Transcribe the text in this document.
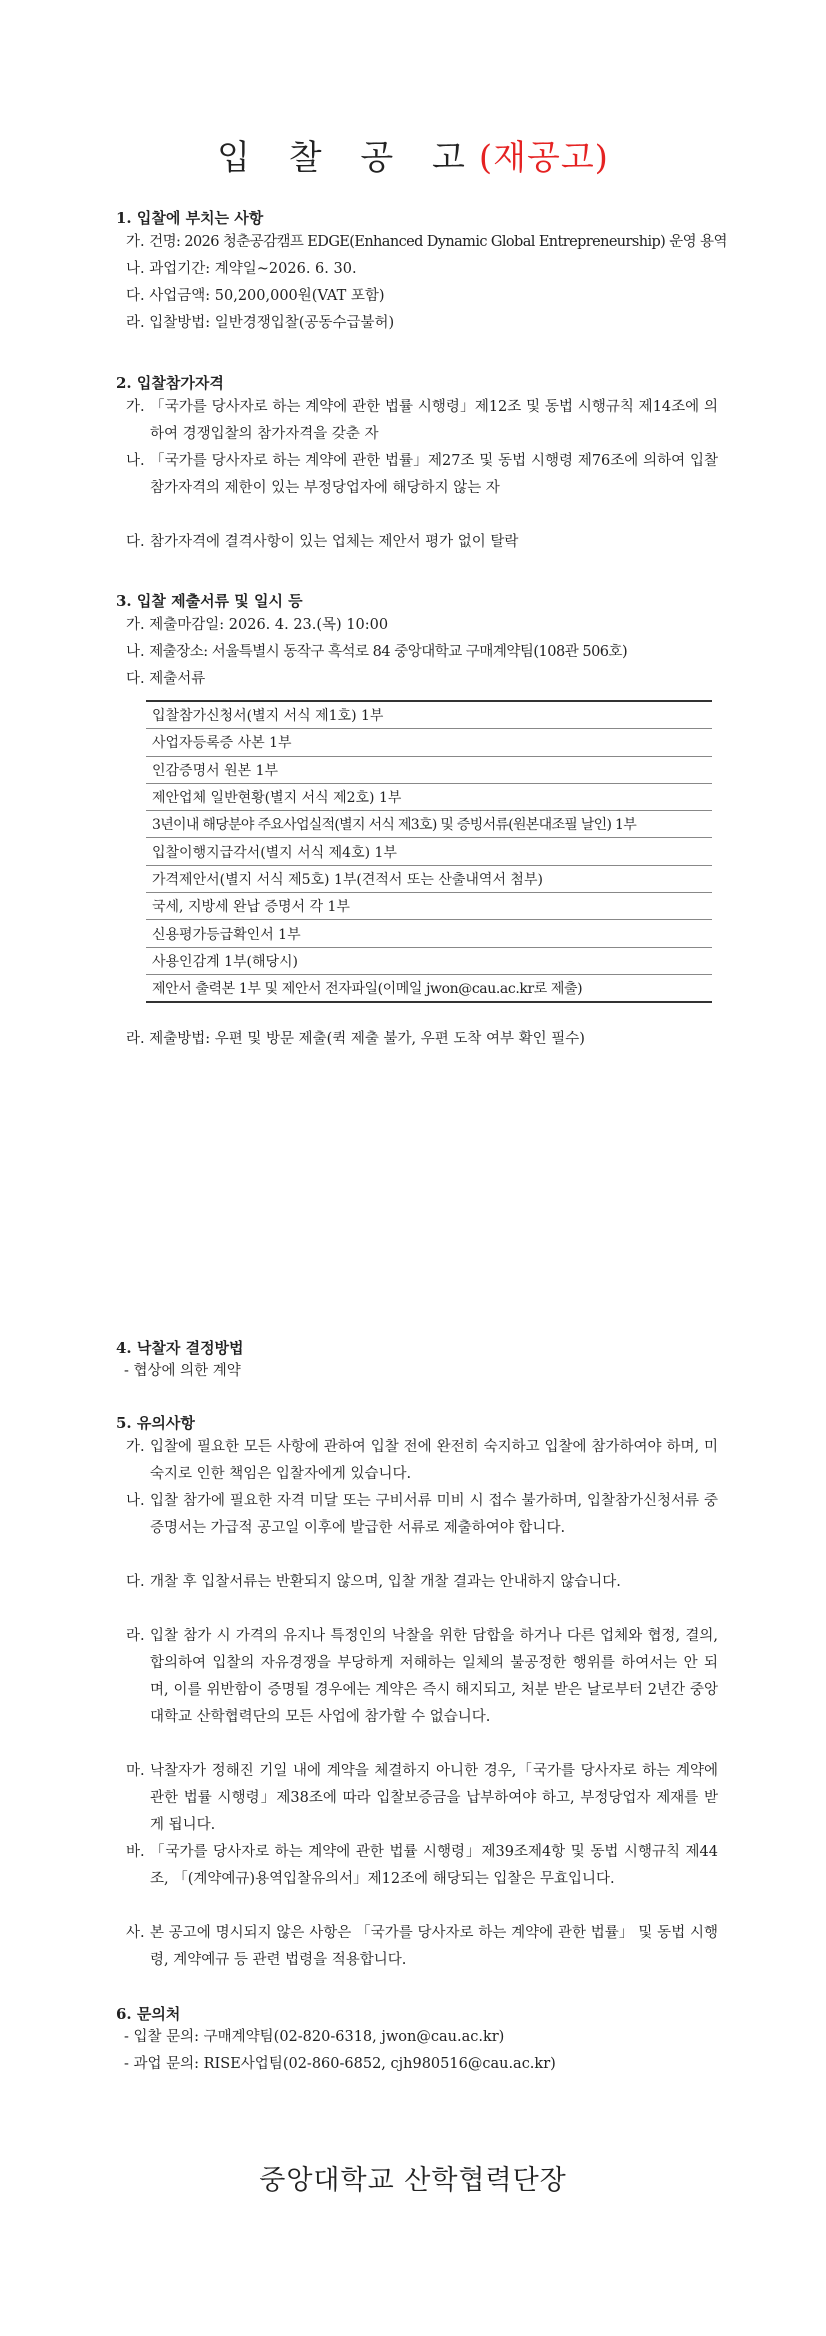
입 찰 공 고(재공고)
1. 입찰에 부치는 사항
가. 건명: 2026 청춘공감캠프 EDGE(Enhanced Dynamic Global Entrepreneurship) 운영 용역
나. 과업기간: 계약일~2026. 6. 30.
다. 사업금액: 50,200,000원(VAT 포함)
라. 입찰방법: 일반경쟁입찰(공동수급불허)
2. 입찰참가자격
가. 「국가를 당사자로 하는 계약에 관한 법률 시행령」제12조 및 동법 시행규칙 제14조에 의하여 경쟁입찰의 참가자격을 갖춘 자
나. 「국가를 당사자로 하는 계약에 관한 법률」제27조 및 동법 시행령 제76조에 의하여 입찰참가자격의 제한이 있는 부정당업자에 해당하지 않는 자
다. 참가자격에 결격사항이 있는 업체는 제안서 평가 없이 탈락
3. 입찰 제출서류 및 일시 등
가. 제출마감일: 2026. 4. 23.(목) 10:00
나. 제출장소: 서울특별시 동작구 흑석로 84 중앙대학교 구매계약팀(108관 506호)
다. 제출서류
입찰참가신청서(별지 서식 제1호) 1부
사업자등록증 사본 1부
인감증명서 원본 1부
제안업체 일반현황(별지 서식 제2호) 1부
3년이내 해당분야 주요사업실적(별지 서식 제3호) 및 증빙서류(원본대조필 날인) 1부
입찰이행지급각서(별지 서식 제4호) 1부
가격제안서(별지 서식 제5호) 1부(견적서 또는 산출내역서 첨부)
국세, 지방세 완납 증명서 각 1부
신용평가등급확인서 1부
사용인감계 1부(해당시)
제안서 출력본 1부 및 제안서 전자파일(이메일 jwon@cau.ac.kr로 제출)
라. 제출방법: 우편 및 방문 제출(퀵 제출 불가, 우편 도착 여부 확인 필수)
4. 낙찰자 결정방법
- 협상에 의한 계약
5. 유의사항
가. 입찰에 필요한 모든 사항에 관하여 입찰 전에 완전히 숙지하고 입찰에 참가하여야 하며, 미숙지로 인한 책임은 입찰자에게 있습니다.
나. 입찰 참가에 필요한 자격 미달 또는 구비서류 미비 시 접수 불가하며, 입찰참가신청서류 중 증명서는 가급적 공고일 이후에 발급한 서류로 제출하여야 합니다.
다. 개찰 후 입찰서류는 반환되지 않으며, 입찰 개찰 결과는 안내하지 않습니다.
라. 입찰 참가 시 가격의 유지나 특정인의 낙찰을 위한 담합을 하거나 다른 업체와 협정, 결의, 합의하여 입찰의 자유경쟁을 부당하게 저해하는 일체의 불공정한 행위를 하여서는 안 되며, 이를 위반함이 증명될 경우에는 계약은 즉시 해지되고, 처분 받은 날로부터 2년간 중앙대학교 산학협력단의 모든 사업에 참가할 수 없습니다.
마. 낙찰자가 정해진 기일 내에 계약을 체결하지 아니한 경우,「국가를 당사자로 하는 계약에 관한 법률 시행령」제38조에 따라 입찰보증금을 납부하여야 하고, 부정당업자 제재를 받게 됩니다.
바. 「국가를 당사자로 하는 계약에 관한 법률 시행령」제39조제4항 및 동법 시행규칙 제44조, 「(계약예규)용역입찰유의서」제12조에 해당되는 입찰은 무효입니다.
사. 본 공고에 명시되지 않은 사항은 「국가를 당사자로 하는 계약에 관한 법률」 및 동법 시행령, 계약예규 등 관련 법령을 적용합니다.
6. 문의처
- 입찰 문의: 구매계약팀(02-820-6318, jwon@cau.ac.kr)
- 과업 문의: RISE사업팀(02-860-6852, cjh980516@cau.ac.kr)
중앙대학교 산학협력단장
